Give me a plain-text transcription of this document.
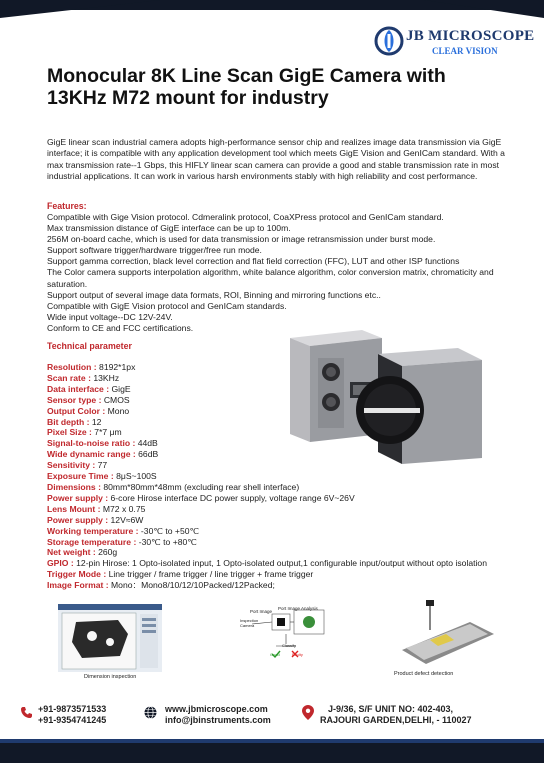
JB MICROSCOPE
CLEAR VISION
Monocular 8K Line Scan GigE Camera with 13KHz M72 mount for industry

GigE linear scan industrial camera adopts high-performance sensor chip and realizes image data transmission via GigE interface; it is compatible with any application development tool which meets GigE Vision and GenICam standard. With a max transmission rate--1 Gbps, this HIFLY linear scan camera can provide a good and stable transmission rate in most industrial applications. It can work in various harsh environments stably with high reliability and cost performance.

Features:
Compatible with Gige Vision protocol. Cdmeralink protocol, CoaXPress protocol and GenICam standard.
Max transmission distance of GigE interface can be up to 100m.
256M on-board cache, which is used for data transmission or image retransmission under burst mode.
Support software trigger/hardware trigger/free run mode.
Support gamma correction, black level correction and flat field correction (FFC), LUT and other ISP functions
The Color camera supports interpolation algorithm, white balance algorithm, color conversion matrix, chromaticity and saturation.
Support output of several image data formats, ROI, Binning and mirroring functions etc..
Compatible with GigE Vision protocol and GenICam standards.
Wide input voltage--DC 12V-24V.
Conform to CE and FCC certifications.
Technical parameter
Resolution : 8192*1px
Scan rate : 13KHz
Data interface : GigE
Sensor type : CMOS
Output Color : Mono
Bit depth : 12
Pixel Size : 7*7 μm
Signal-to-noise ratio : 44dB
Wide dynamic range : 66dB
Sensitivity : 77
Exposure Time : 8μS~100S
Dimensions : 80mm*80mm*48mm (excluding rear shell interface)
Power supply : 6-core Hirose interface DC power supply, voltage range 6V~26V
Lens Mount : M72 x 0.75
Power supply : 12V≈6W
Working temperature : -30℃ to +50℃
Storage temperature : -30℃ to +80℃
Net weight : 260g
GPIO : 12-pin Hirose: 1 Opto-isolated input, 1 Opto-isolated output,1 configurable input/output without opto isolation
Trigger Mode : Line trigger / frame trigger / line trigger + frame trigger
Image Format : Mono：Mono8/10/12/10Packed/12Packed;
Dimension inspection
Port Image
Port Image Analysis
Inspection Camera
Classify
Good	Faulty
Product defect detection
+91-9873571533
+91-9354741245
www.jbmicroscope.com
info@jbinstruments.com
J-9/36, S/F UNIT NO: 402-403,
RAJOURI GARDEN,DELHI, - 110027
